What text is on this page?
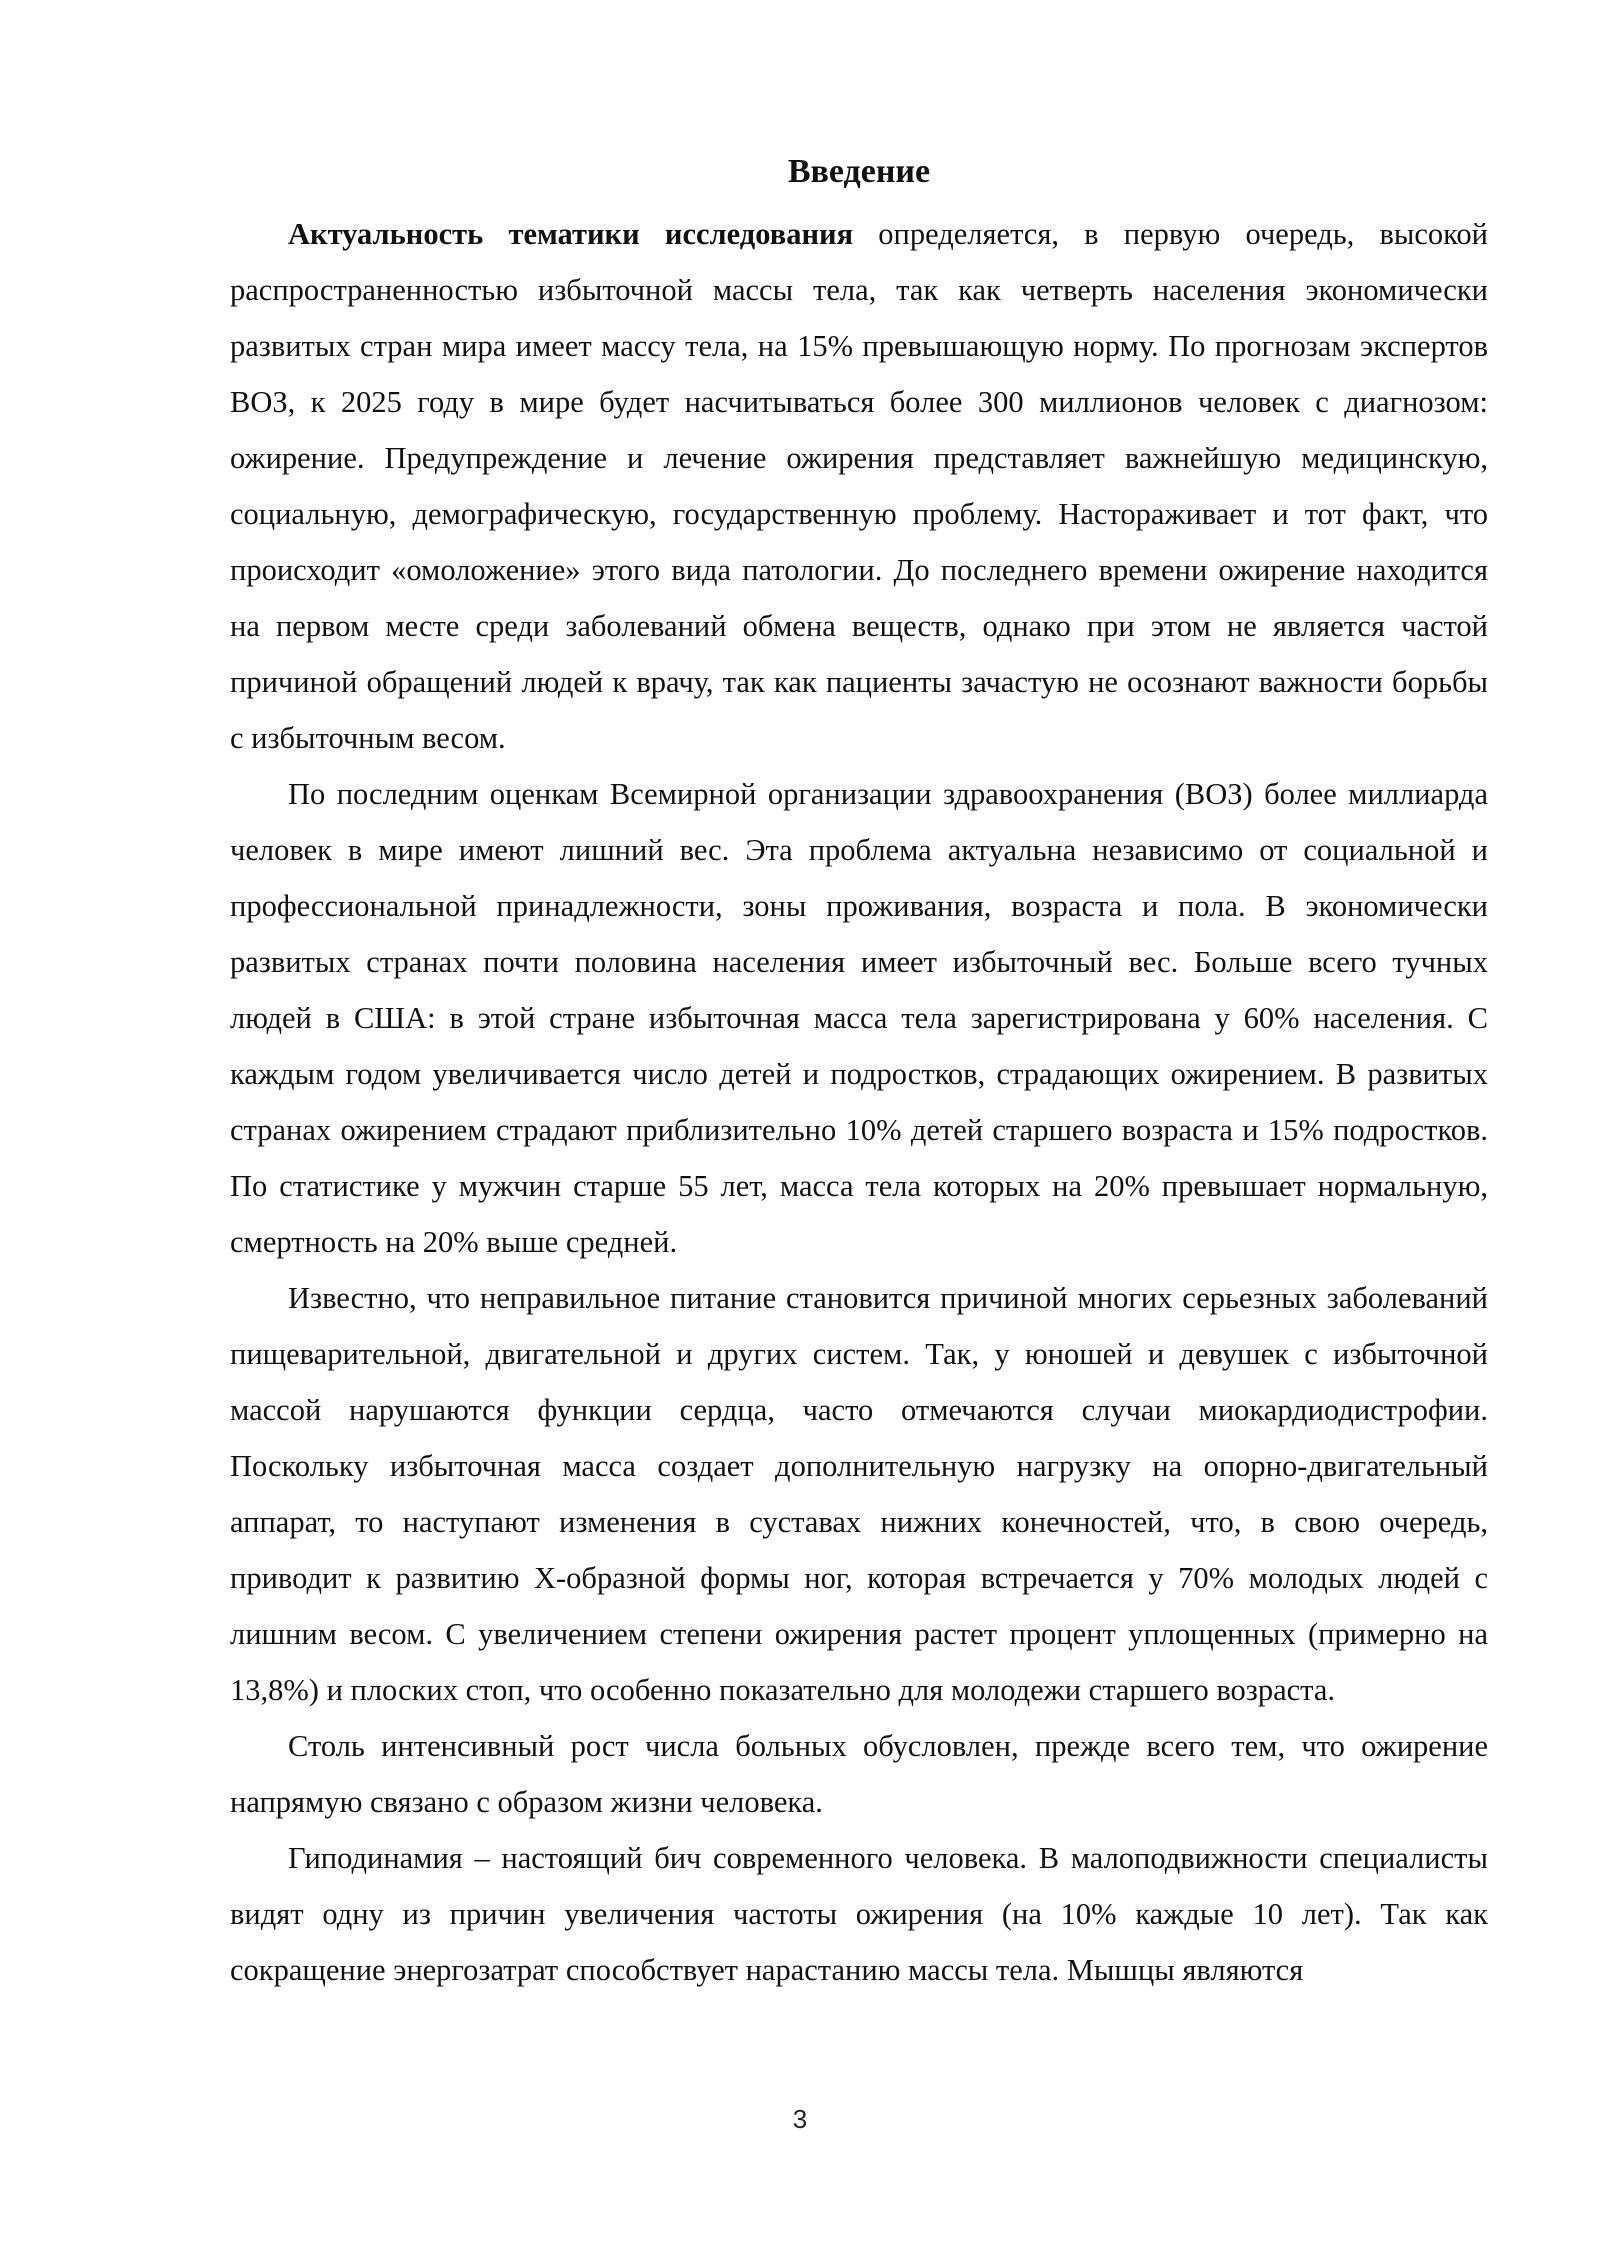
Введение

Актуальность тематики исследования определяется, в первую очередь, высокой распространенностью избыточной массы тела, так как четверть населения экономически развитых стран мира имеет массу тела, на 15% превышающую норму. По прогнозам экспертов ВОЗ, к 2025 году в мире будет насчитываться более 300 миллионов человек с диагнозом: ожирение. Предупреждение и лечение ожирения представляет важнейшую медицинскую, социальную, демографическую, государственную проблему. Настораживает и тот факт, что происходит «омоложение» этого вида патологии. До последнего времени ожирение находится на первом месте среди заболеваний обмена веществ, однако при этом не является частой причиной обращений людей к врачу, так как пациенты зачастую не осознают важности борьбы с избыточным весом.

По последним оценкам Всемирной организации здравоохранения (ВОЗ) более миллиарда человек в мире имеют лишний вес. Эта проблема актуальна независимо от социальной и профессиональной принадлежности, зоны проживания, возраста и пола. В экономически развитых странах почти половина населения имеет избыточный вес. Больше всего тучных людей в США: в этой стране избыточная масса тела зарегистрирована у 60% населения. С каждым годом увеличивается число детей и подростков, страдающих ожирением. В развитых странах ожирением страдают приблизительно 10% детей старшего возраста и 15% подростков. По статистике у мужчин старше 55 лет, масса тела которых на 20% превышает нормальную, смертность на 20% выше средней.

Известно, что неправильное питание становится причиной многих серьезных заболеваний пищеварительной, двигательной и других систем. Так, у юношей и девушек с избыточной массой нарушаются функции сердца, часто отмечаются случаи миокардиодистрофии. Поскольку избыточная масса создает дополнительную нагрузку на опорно-двигательный аппарат, то наступают изменения в суставах нижних конечностей, что, в свою очередь, приводит к развитию Х-образной формы ног, которая встречается у 70% молодых людей с лишним весом. С увеличением степени ожирения растет процент уплощенных (примерно на 13,8%) и плоских стоп, что особенно показательно для молодежи старшего возраста.

Столь интенсивный рост числа больных обусловлен, прежде всего тем, что ожирение напрямую связано с образом жизни человека.

Гиподинамия – настоящий бич современного человека. В малоподвижности специалисты видят одну из причин увеличения частоты ожирения (на 10% каждые 10 лет). Так как сокращение энергозатрат способствует нарастанию массы тела. Мышцы являются

3
